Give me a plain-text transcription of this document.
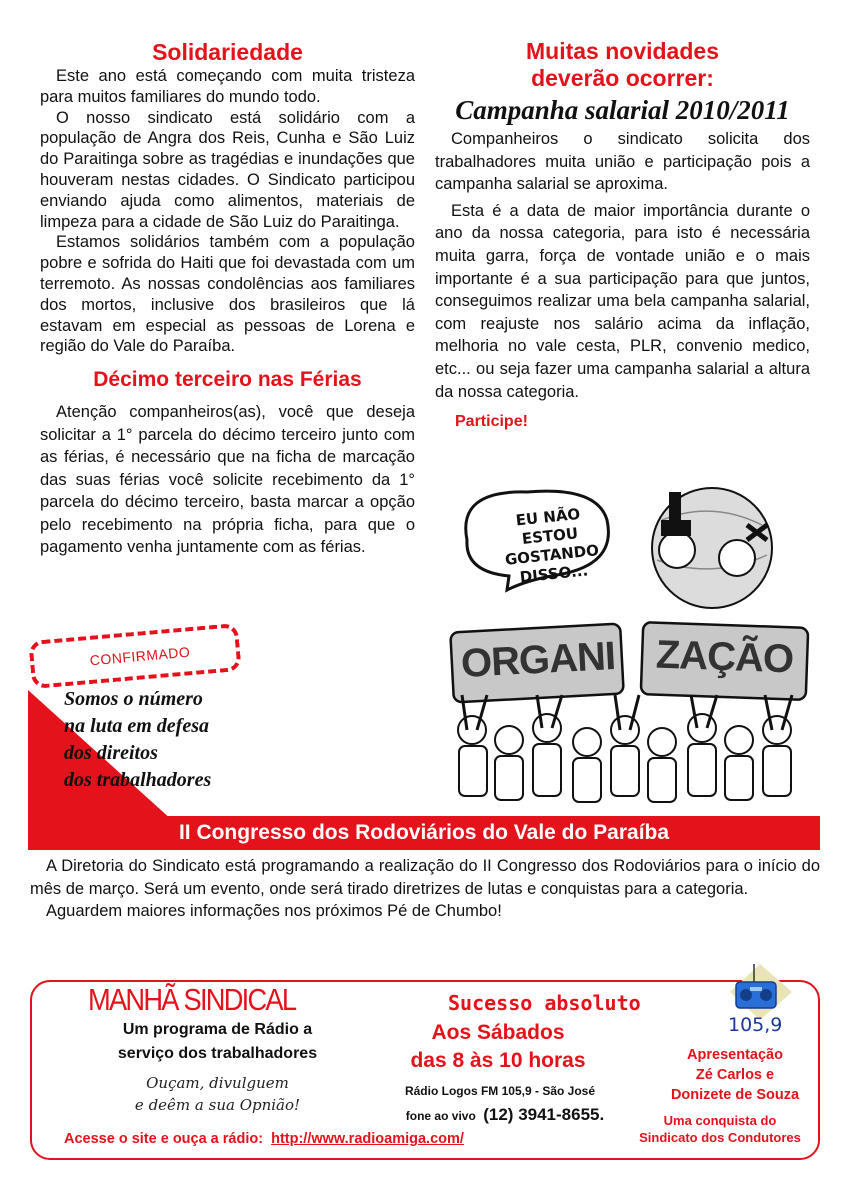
Solidariedade

Este ano está começando com muita tristeza para muitos familiares do mundo todo.

O nosso sindicato está solidário com a população de Angra dos Reis, Cunha e São Luiz do Paraitinga sobre as tragédias e inundações que houveram nestas cidades. O Sindicato participou enviando ajuda como alimentos, materiais de limpeza para a cidade de São Luiz do Paraitinga.

Estamos solidários também com a população pobre e sofrida do Haiti que foi devastada com um terremoto. As nossas condolências aos familiares dos mortos, inclusive dos brasileiros que lá estavam em especial as pessoas de Lorena e região do Vale do Paraíba.

Décimo terceiro nas Férias

Atenção companheiros(as), você que deseja solicitar a 1° parcela do décimo terceiro junto com as férias, é necessário que na ficha de marcação das suas férias você solicite recebimento da 1° parcela do décimo terceiro, basta marcar a opção pelo recebimento na própria ficha, para que o pagamento venha juntamente com as férias.

CONFIRMADO
Somos o número
na luta em defesa
dos direitos
dos trabalhadores
Muitas novidades
deverão ocorrer:
Campanha salarial 2010/2011

Companheiros o sindicato solicita dos trabalhadores muita união e participação pois a campanha salarial se aproxima.

Esta é a data de maior importância durante o ano da nossa categoria, para isto é necessária muita garra, força de vontade união e o mais importante é a sua participação para que juntos, conseguimos realizar uma bela campanha salarial, com reajuste nos salário acima da inflação, melhoria no vale cesta, PLR, convenio medico, etc... ou seja fazer uma campanha salarial a altura da nossa categoria.

Participe!
EU NÃO
ESTOU GOSTANDO
DISSO...
ORGANI ZAÇÃO
II Congresso dos Rodoviários do Vale do Paraíba

A Diretoria do Sindicato está programando a realização do II Congresso dos Rodoviários para o início do mês de março. Será um evento, onde será tirado diretrizes de lutas e conquistas para a categoria.

Aguardem maiores informações nos próximos Pé de Chumbo!

MANHÃ SINDICAL
Um programa de Rádio a
serviço dos trabalhadores
Ouçam, divulguem
e deêm a sua Opnião!
Acesse o site e ouça a rádio: http://www.radioamiga.com/
Sucesso absoluto
Aos Sábados
das 8 às 10 horas
Rádio Logos FM 105,9 - São José
fone ao vivo (12) 3941-8655.
105,9
Apresentação
Zé Carlos e
Donizete de Souza
Uma conquista do
Sindicato dos Condutores
